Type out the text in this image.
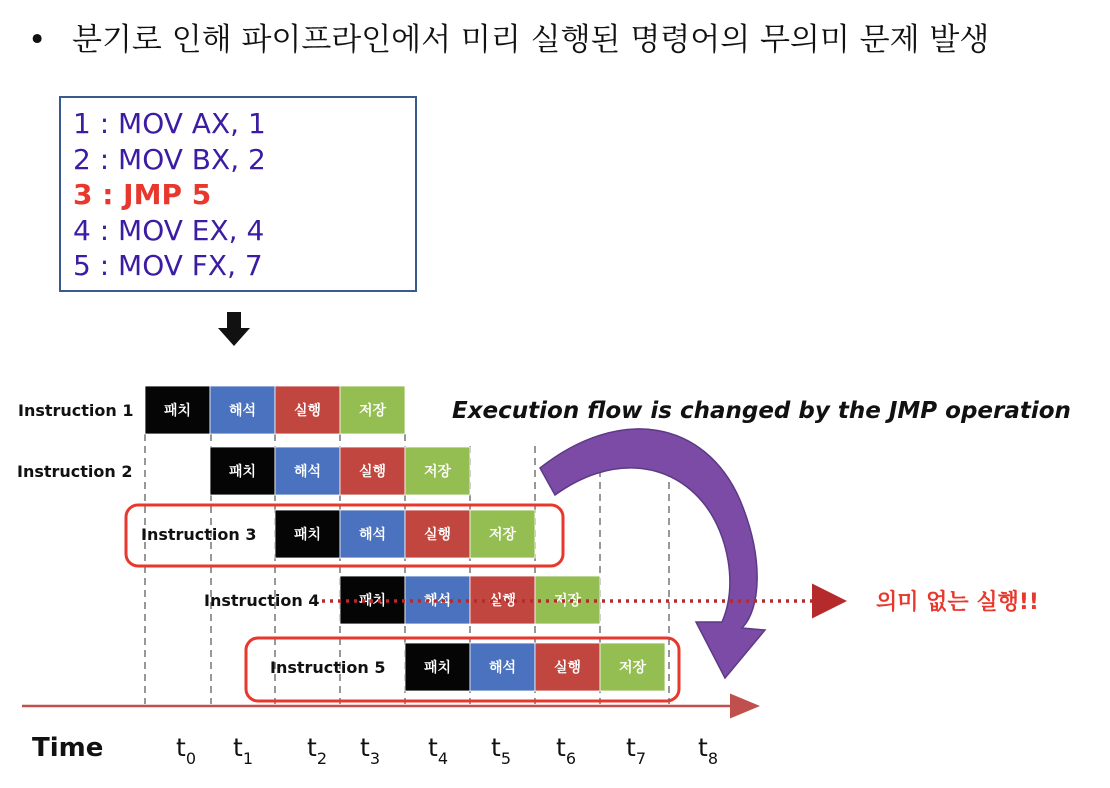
• 분기로 인해 파이프라인에서 미리 실행된 명령어의 무의미 문제 발생
1 : MOV AX, 1
2 : MOV BX, 2
3 : JMP 5
4 : MOV EX, 4
5 : MOV FX, 7
패치	해석	실행	저장
패치	해석	실행	저장
패치	해석	실행	저장
패치	해석	실행	저장
패치	해석	실행	저장
Instruction 1
Instruction 2
Instruction 3
Instruction 4
Instruction 5
Execution flow is changed by the JMP operation
의미 없는 실행!!
Time	$t_0$ $t_1$ $t_2$ $t_3$ $t_4$ $t_5$ $t_6$ $t_7$ $t_8$
